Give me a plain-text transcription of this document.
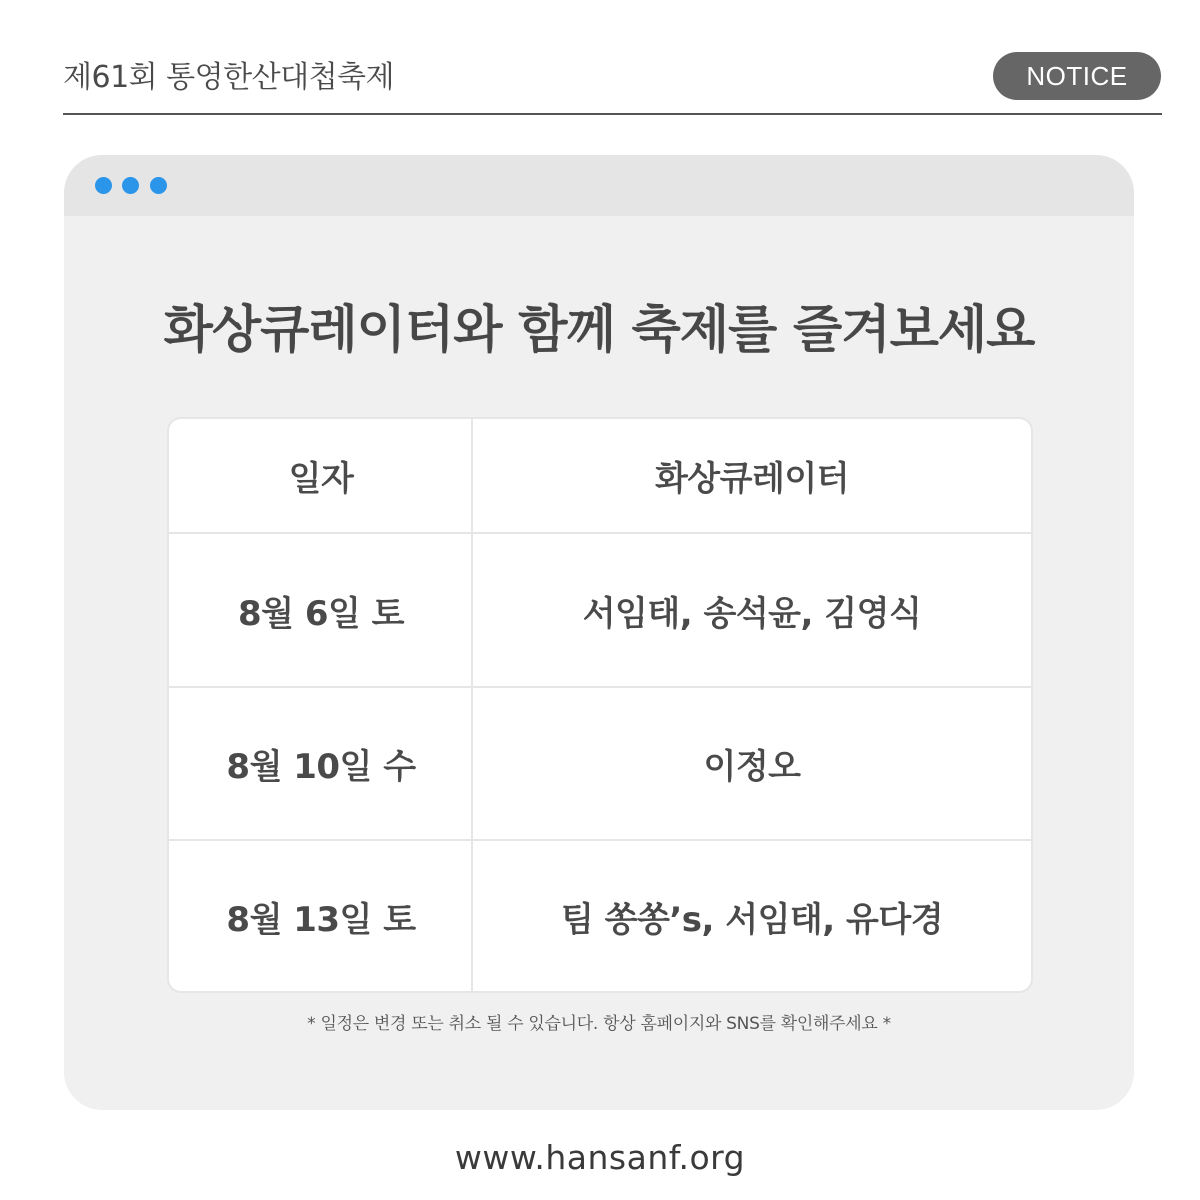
제61회 통영한산대첩축제	NOTICE
화상큐레이터와 함께 축제를 즐겨보세요
일자	화상큐레이터
8월 6일 토	서임태, 송석윤, 김영식
8월 10일 수	이정오
8월 13일 토	팀 쏭쏭’s, 서임태, 유다경
* 일정은 변경 또는 취소 될 수 있습니다. 항상 홈페이지와 SNS를 확인해주세요 *
www.hansanf.org
